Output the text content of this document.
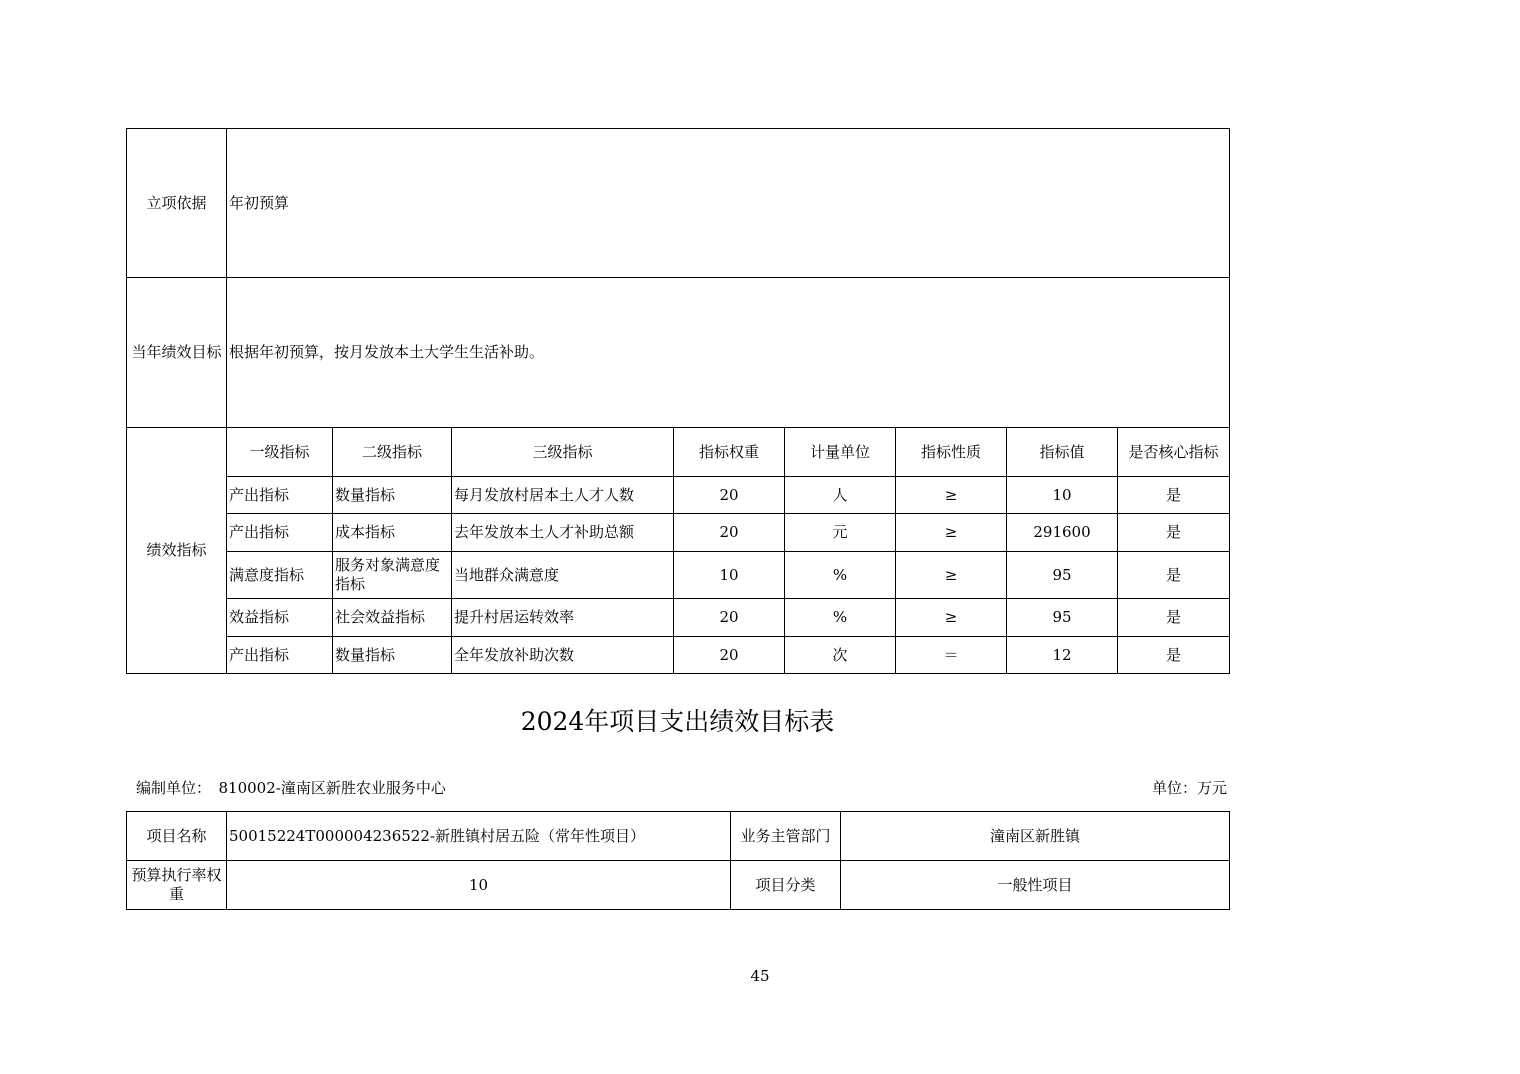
立项依据	年初预算							
当年绩效目标	根据年初预算，按月发放本土大学生生活补助。							
绩效指标	一级指标	二级指标	三级指标	指标权重	计量单位	指标性质	指标值	是否核心指标
	产出指标	数量指标	每月发放村居本土人才人数	20	人	≥	10	是
	产出指标	成本指标	去年发放本土人才补助总额	20	元	≥	291600	是
	满意度指标	服务对象满意度指标	当地群众满意度	10	%	≥	95	是
	效益指标	社会效益指标	提升村居运转效率	20	%	≥	95	是
	产出指标	数量指标	全年发放补助次数	20	次	＝	12	是
2024年项目支出绩效目标表
编制单位：　810002-潼南区新胜农业服务中心	单位：万元
项目名称	50015224T000004236522-新胜镇村居五险（常年性项目）	业务主管部门	潼南区新胜镇
预算执行率权重	10	项目分类	一般性项目
45
